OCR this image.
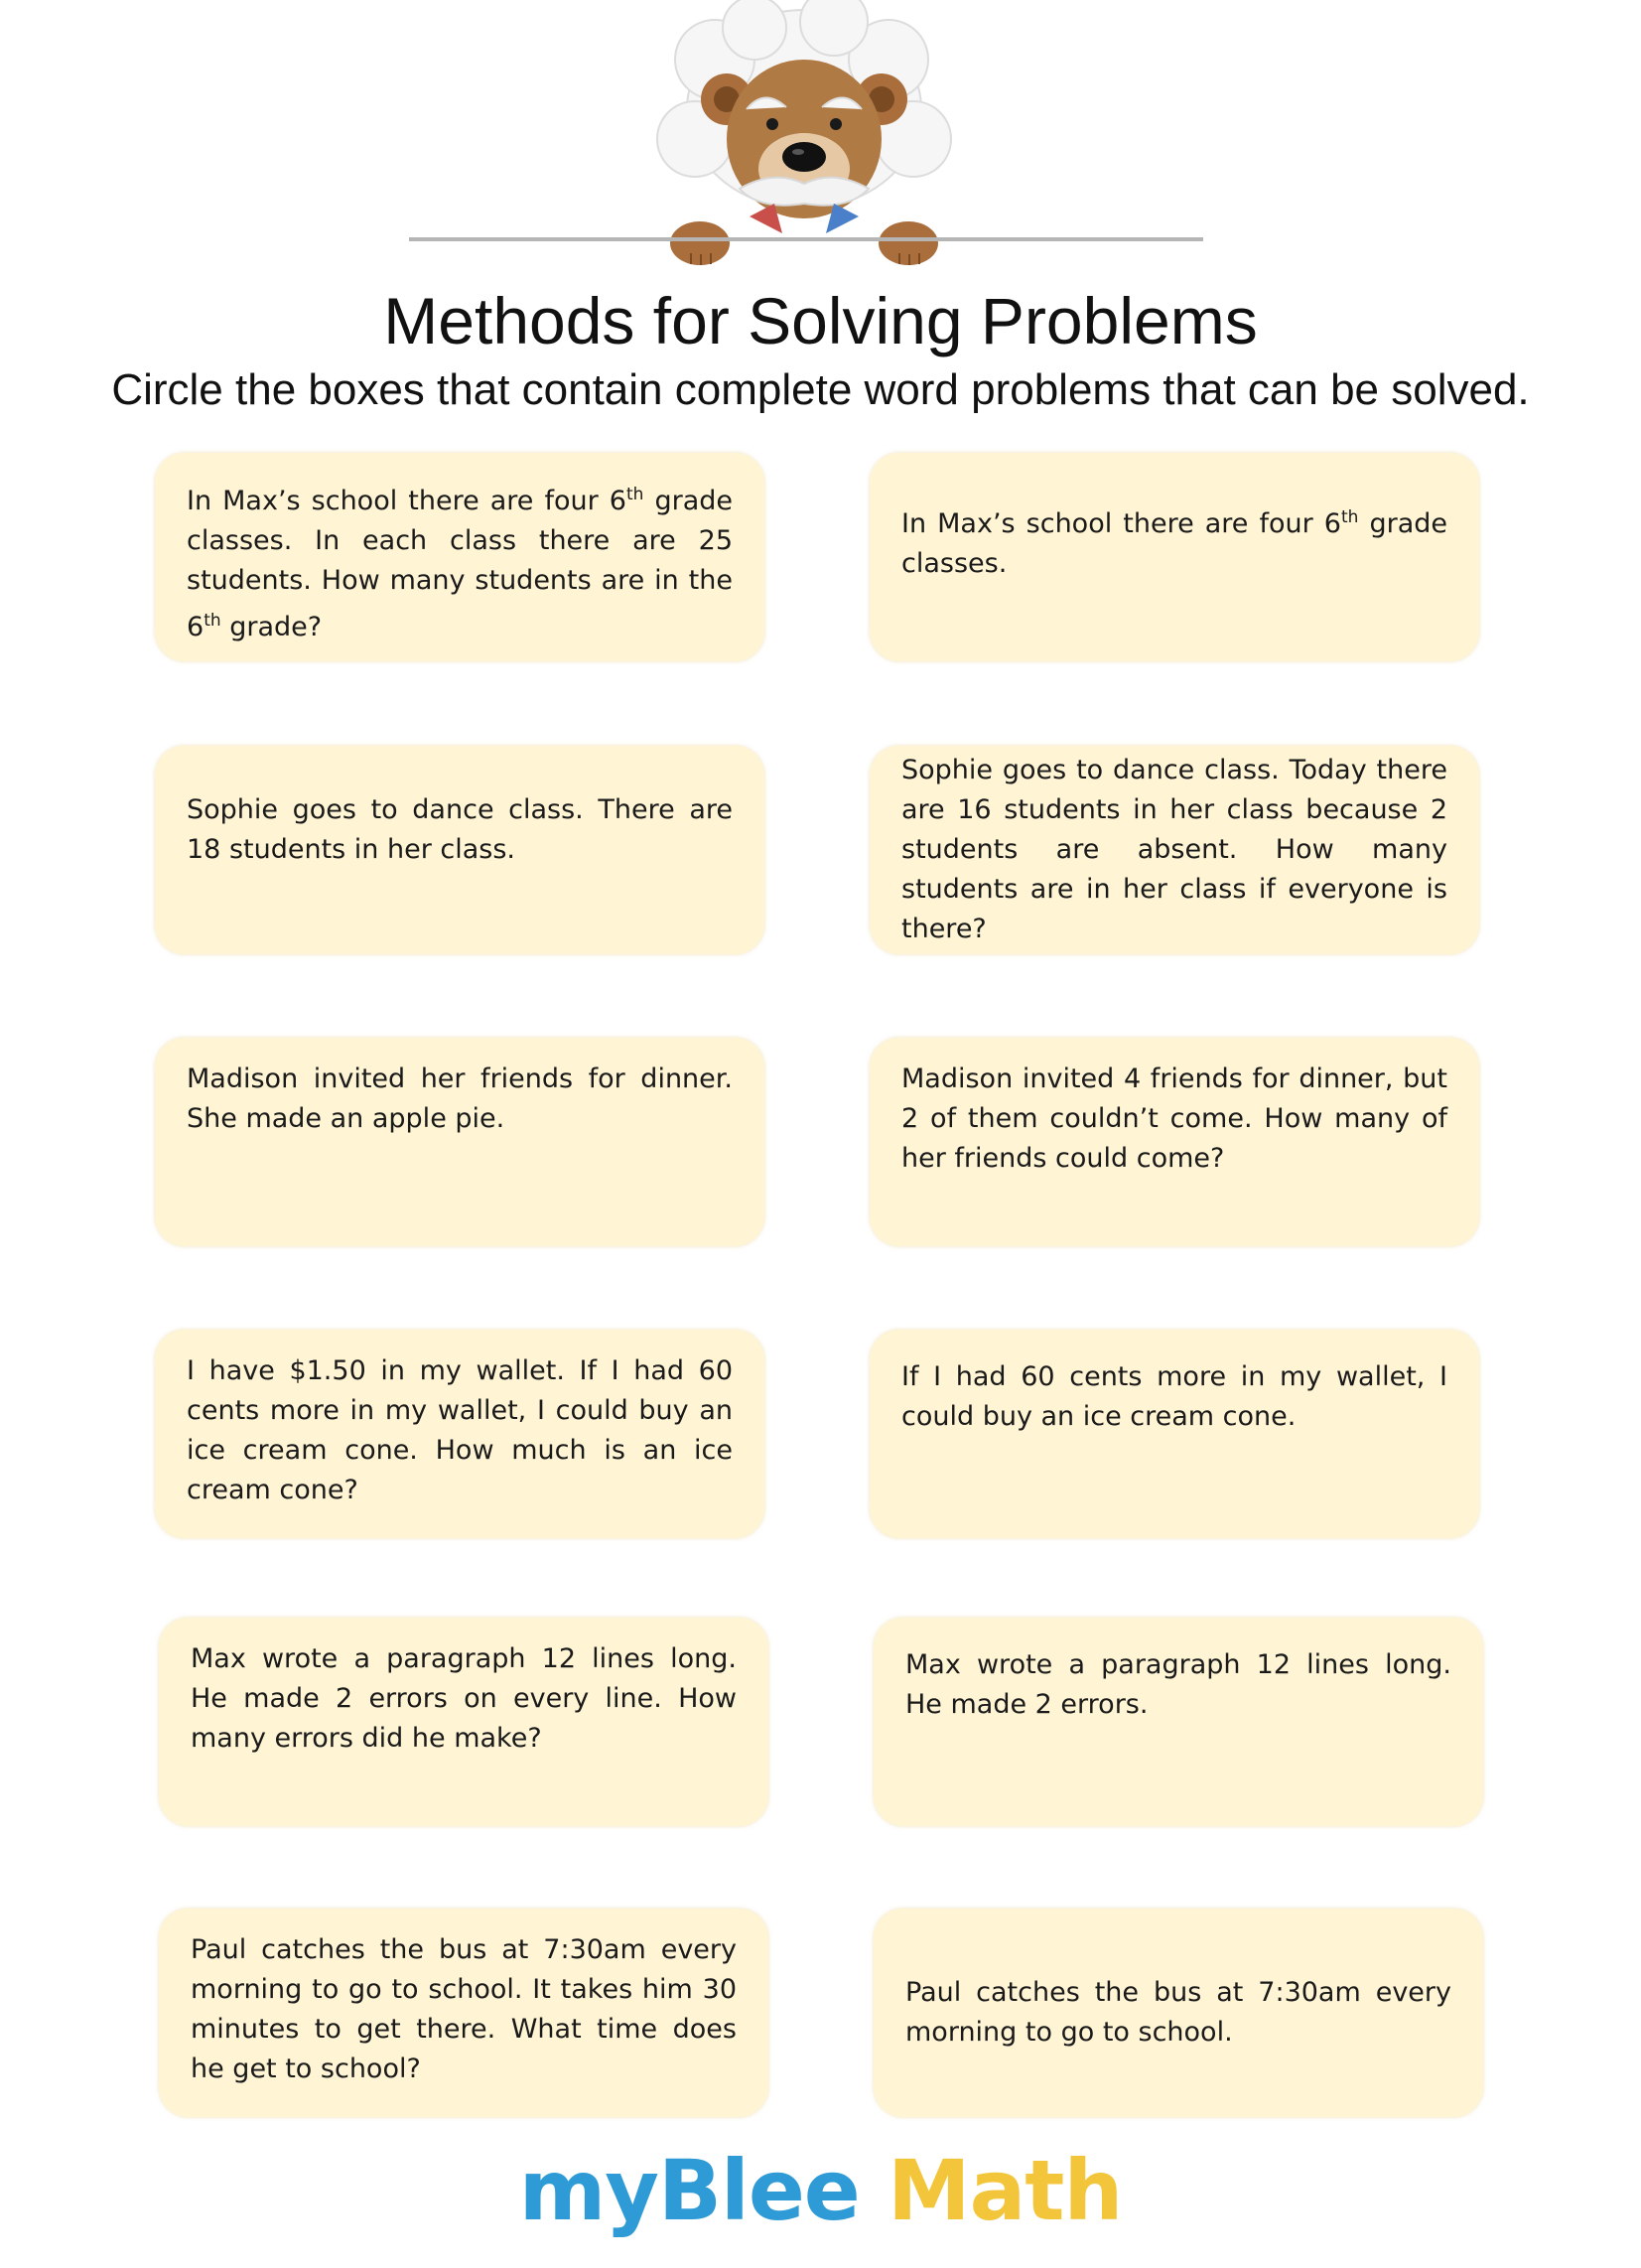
Methods for Solving Problems
Circle the boxes that contain complete word problems that can be solved.
In Max’s school there are four 6th grade classes. In each class there are 25 students. How many students are in the 6th grade?
In Max’s school there are four 6th grade classes.
Sophie goes to dance class. There are 18 students in her class.
Sophie goes to dance class. Today there are 16 students in her class because 2 students are absent. How many students are in her class if everyone is there?
Madison invited her friends for dinner. She made an apple pie.
Madison invited 4 friends for dinner, but 2 of them couldn’t come. How many of her friends could come?
I have $1.50 in my wallet. If I had 60 cents more in my wallet, I could buy an ice cream cone. How much is an ice cream cone?
If I had 60 cents more in my wallet, I could buy an ice cream cone.
Max wrote a paragraph 12 lines long. He made 2 errors on every line. How many errors did he make?
Max wrote a paragraph 12 lines long. He made 2 errors.
Paul catches the bus at 7:30am every morning to go to school. It takes him 30 minutes to get there. What time does he get to school?
Paul catches the bus at 7:30am every morning to go to school.
myBlee Math
